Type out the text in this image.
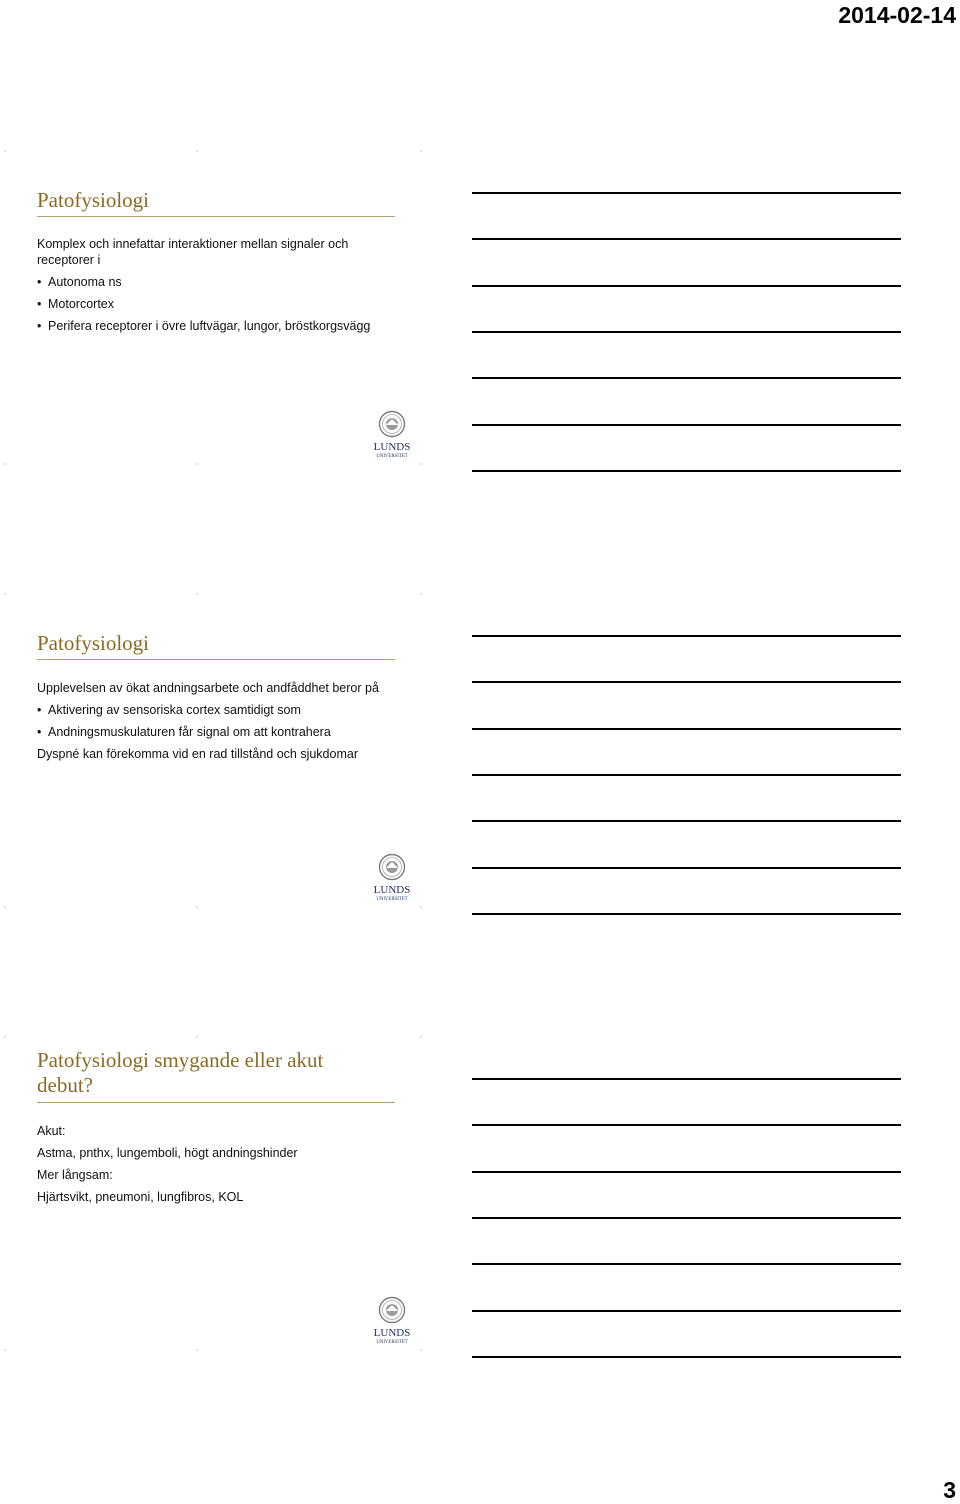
2014-02-14
Patofysiologi

Komplex och innefattar interaktioner mellan signaler och receptorer i

• Autonoma ns
• Motorcortex
• Perifera receptorer i övre luftvägar, lungor, bröstkorgsvägg
LUNDS
UNIVERSITET
Patofysiologi

Upplevelsen av ökat andningsarbete och andfåddhet beror på

• Aktivering av sensoriska cortex samtidigt som
• Andningsmuskulaturen får signal om att kontrahera

Dyspné kan förekomma vid en rad tillstånd och sjukdomar

LUNDS
UNIVERSITET
Patofysiologi smygande eller akut debut?

Akut:

Astma, pnthx, lungemboli, högt andningshinder

Mer långsam:

Hjärtsvikt, pneumoni, lungfibros, KOL

LUNDS
UNIVERSITET
3
